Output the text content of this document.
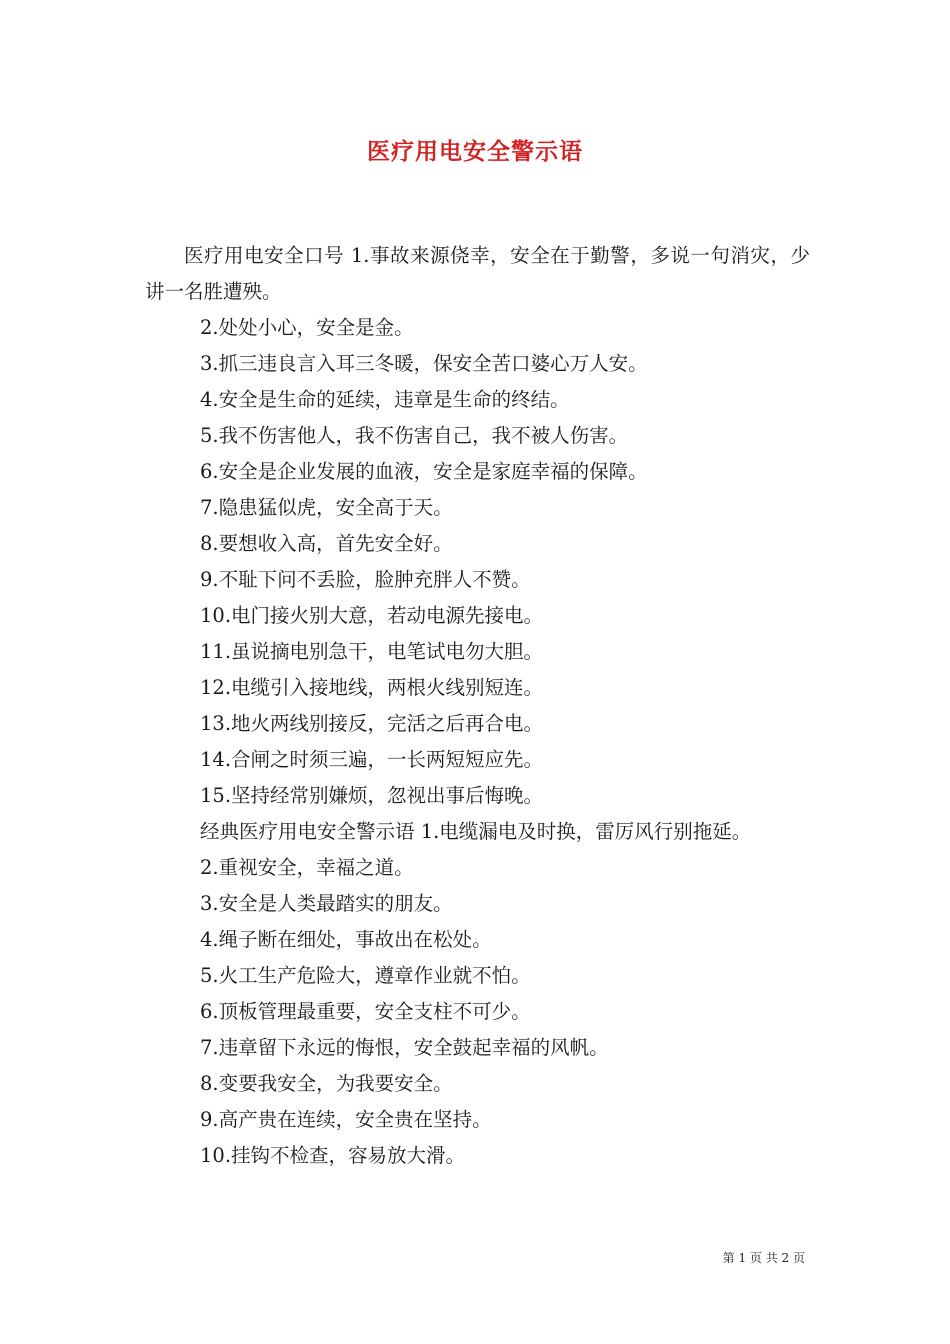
医疗用电安全警示语

医疗用电安全口号 1.事故来源侥幸，安全在于勤警，多说一句消灾，少讲一名胜遭殃。

2.处处小心，安全是金。

3.抓三违良言入耳三冬暖，保安全苦口婆心万人安。

4.安全是生命的延续，违章是生命的终结。

5.我不伤害他人，我不伤害自己，我不被人伤害。

6.安全是企业发展的血液，安全是家庭幸福的保障。

7.隐患猛似虎，安全高于天。

8.要想收入高，首先安全好。

9.不耻下问不丢脸，脸肿充胖人不赞。

10.电门接火别大意，若动电源先接电。

11.虽说摘电别急干，电笔试电勿大胆。

12.电缆引入接地线，两根火线别短连。

13.地火两线别接反，完活之后再合电。

14.合闸之时须三遍，一长两短短应先。

15.坚持经常别嫌烦，忽视出事后悔晚。

经典医疗用电安全警示语 1.电缆漏电及时换，雷厉风行别拖延。

2.重视安全，幸福之道。

3.安全是人类最踏实的朋友。

4.绳子断在细处，事故出在松处。

5.火工生产危险大，遵章作业就不怕。

6.顶板管理最重要，安全支柱不可少。

7.违章留下永远的悔恨，安全鼓起幸福的风帆。

8.变要我安全，为我要安全。

9.高产贵在连续，安全贵在坚持。

10.挂钩不检查，容易放大滑。

第 1 页 共 2 页
